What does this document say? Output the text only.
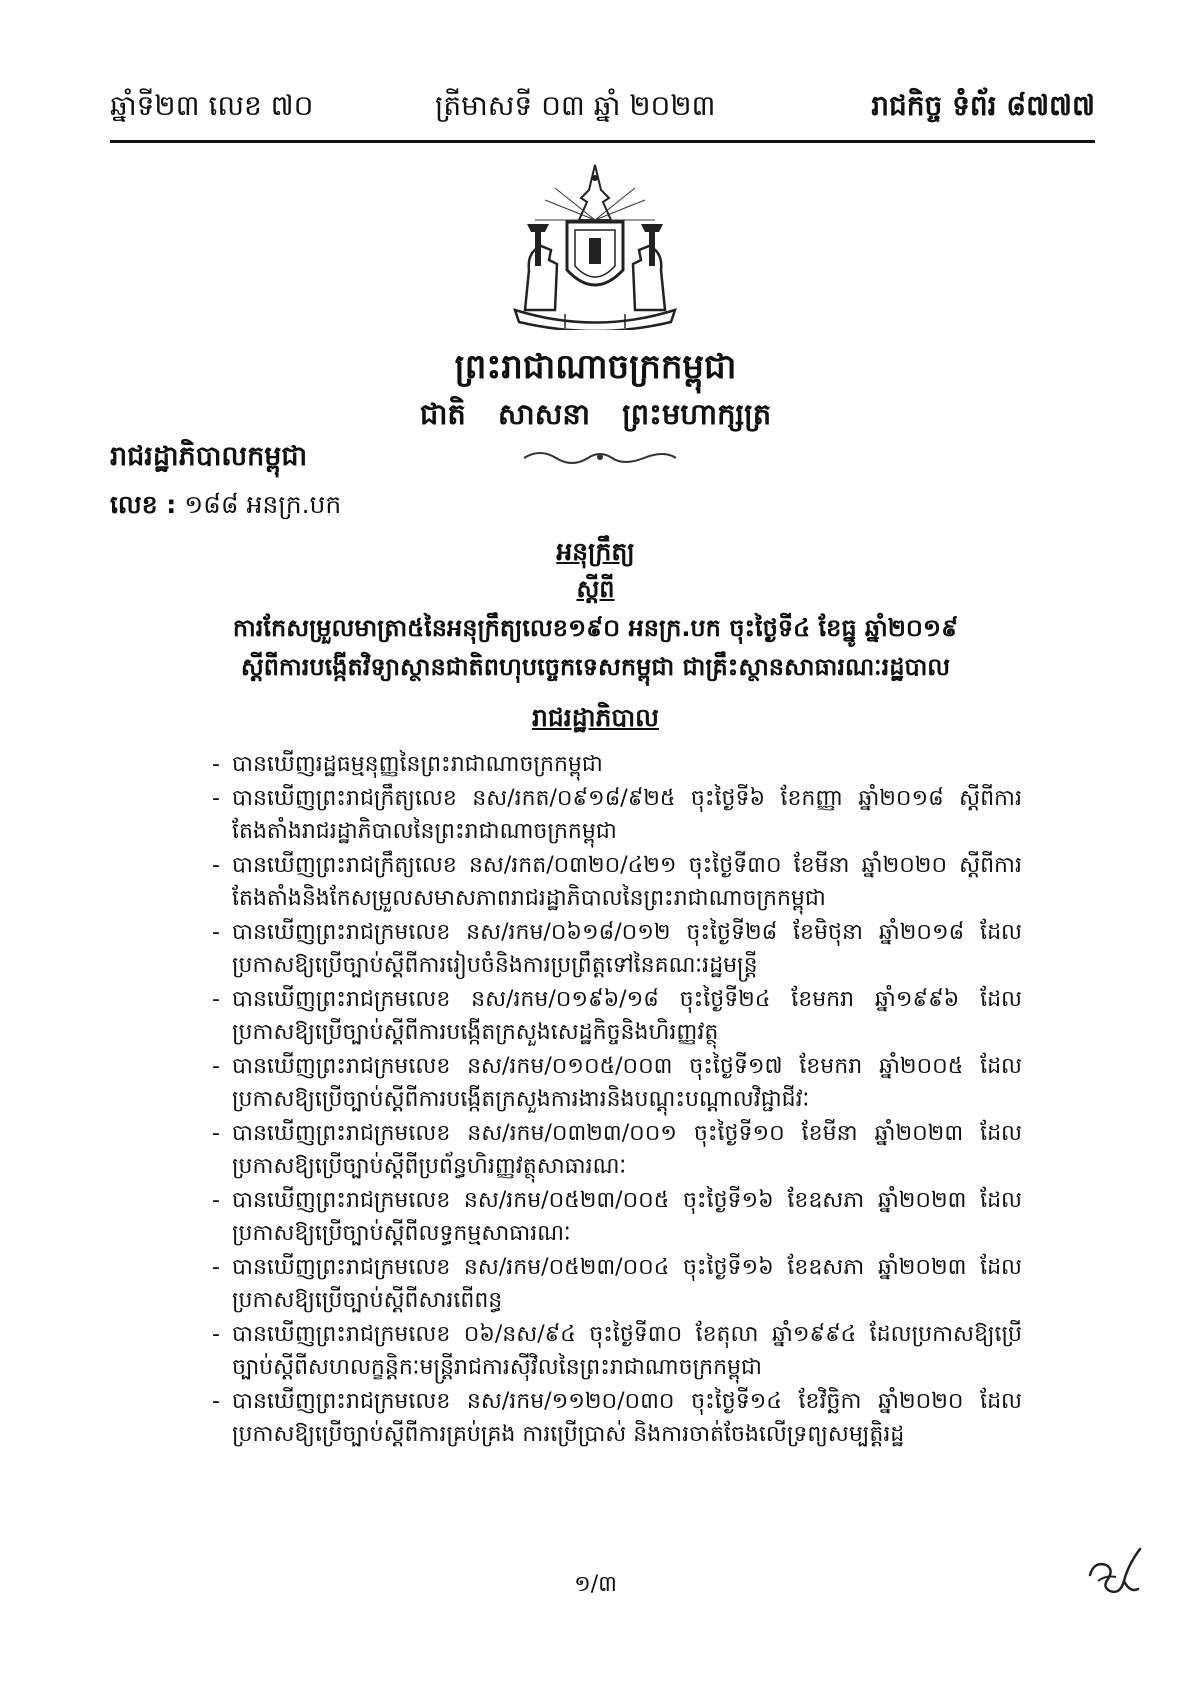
ឆ្នាំទី២៣ លេខ ៧០	ត្រីមាសទី ០៣ ឆ្នាំ ២០២៣	រាជកិច្ច ទំព័រ ៨៧៧៧
ព្រះរាជាណាចក្រកម្ពុជា
ជាតិ សាសនា ព្រះមហាក្សត្រ
រាជរដ្ឋាភិបាលកម្ពុជា
លេខ : ១៨៨ អនក្រ.បក
អនុក្រឹត្យ
ស្តីពី
ការកែសម្រួលមាត្រា៥នៃអនុក្រឹត្យលេខ១៩០ អនក្រ.បក ចុះថ្ងៃទី៤ ខែធ្នូ ឆ្នាំ២០១៩
ស្តីពីការបង្កើតវិទ្យាស្ថានជាតិពហុបច្ចេកទេសកម្ពុជា ជាគ្រឹះស្ថានសាធារណៈរដ្ឋបាល
រាជរដ្ឋាភិបាល
- បានឃើញរដ្ឋធម្មនុញ្ញនៃព្រះរាជាណាចក្រកម្ពុជា
- បានឃើញព្រះរាជក្រឹត្យលេខ នស/រកត/០៩១៨/៩២៥ ចុះថ្ងៃទី៦ ខែកញ្ញា ឆ្នាំ២០១៨ ស្តីពីការតែងតាំងរាជរដ្ឋាភិបាលនៃព្រះរាជាណាចក្រកម្ពុជា
- បានឃើញព្រះរាជក្រឹត្យលេខ នស/រកត/០៣២០/៤២១ ចុះថ្ងៃទី៣០ ខែមីនា ឆ្នាំ២០២០ ស្តីពីការតែងតាំងនិងកែសម្រួលសមាសភាពរាជរដ្ឋាភិបាលនៃព្រះរាជាណាចក្រកម្ពុជា
- បានឃើញព្រះរាជក្រមលេខ នស/រកម/០៦១៨/០១២ ចុះថ្ងៃទី២៨ ខែមិថុនា ឆ្នាំ២០១៨ ដែលប្រកាសឱ្យប្រើច្បាប់ស្តីពីការរៀបចំនិងការប្រព្រឹត្តទៅនៃគណៈរដ្ឋមន្ត្រី
- បានឃើញព្រះរាជក្រមលេខ នស/រកម/០១៩៦/១៨ ចុះថ្ងៃទី២៤ ខែមករា ឆ្នាំ១៩៩៦ ដែលប្រកាសឱ្យប្រើច្បាប់ស្តីពីការបង្កើតក្រសួងសេដ្ឋកិច្ចនិងហិរញ្ញវត្ថុ
- បានឃើញព្រះរាជក្រមលេខ នស/រកម/០១០៥/០០៣ ចុះថ្ងៃទី១៧ ខែមករា ឆ្នាំ២០០៥ ដែលប្រកាសឱ្យប្រើច្បាប់ស្តីពីការបង្កើតក្រសួងការងារនិងបណ្តុះបណ្តាលវិជ្ជាជីវៈ
- បានឃើញព្រះរាជក្រមលេខ នស/រកម/០៣២៣/០០១ ចុះថ្ងៃទី១០ ខែមីនា ឆ្នាំ២០២៣ ដែលប្រកាសឱ្យប្រើច្បាប់ស្តីពីប្រព័ន្ធហិរញ្ញវត្ថុសាធារណៈ
- បានឃើញព្រះរាជក្រមលេខ នស/រកម/០៥២៣/០០៥ ចុះថ្ងៃទី១៦ ខែឧសភា ឆ្នាំ២០២៣ ដែលប្រកាសឱ្យប្រើច្បាប់ស្តីពីលទ្ធកម្មសាធារណៈ
- បានឃើញព្រះរាជក្រមលេខ នស/រកម/០៥២៣/០០៤ ចុះថ្ងៃទី១៦ ខែឧសភា ឆ្នាំ២០២៣ ដែលប្រកាសឱ្យប្រើច្បាប់ស្តីពីសារពើពន្ធ
- បានឃើញព្រះរាជក្រមលេខ ០៦/នស/៩៤ ចុះថ្ងៃទី៣០ ខែតុលា ឆ្នាំ១៩៩៤ ដែលប្រកាសឱ្យប្រើច្បាប់ស្តីពីសហលក្ខន្តិកៈមន្ត្រីរាជការស៊ីវិលនៃព្រះរាជាណាចក្រកម្ពុជា
- បានឃើញព្រះរាជក្រមលេខ នស/រកម/១១២០/០៣០ ចុះថ្ងៃទី១៤ ខែវិច្ឆិកា ឆ្នាំ២០២០ ដែលប្រកាសឱ្យប្រើច្បាប់ស្តីពីការគ្រប់គ្រង ការប្រើប្រាស់ និងការចាត់ចែងលើទ្រព្យសម្បត្តិរដ្ឋ
១/៣
